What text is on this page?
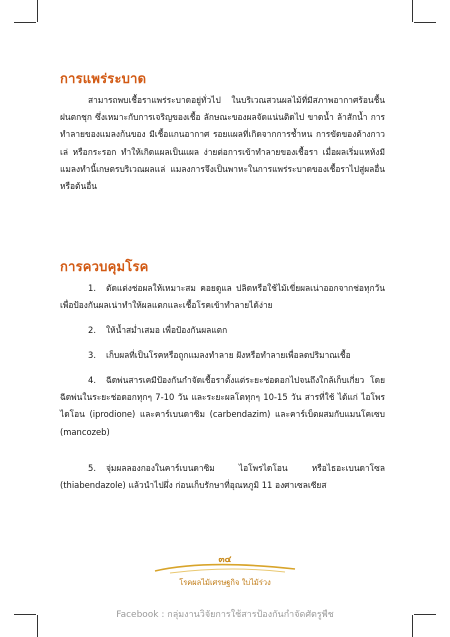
การแพร่ระบาด

สามารถพบเชื้อราแพร่ระบาดอยู่ทั่วไป ในบริเวณสวนผลไม้ที่มีสภาพอากาศร้อนชื้น ฝนตกชุก ซึ่งเหมาะกับการเจริญของเชื้อ ลักษณะของผลจัดแน่นติดไป ขาดน้ำ ล้าสักน้ำ การทำลายของแมลงก้นของ มีเชื้อแกนอากาศ รอยแผลที่เกิดจากการช้ำหน การขัดของต้างกาว เล่ หรือกระรอก ทำให้เกิดแผลเป็นแผล ง่ายต่อการเข้าทำลายของเชื้อรา เมื่อผลเริ่มแหห้งมีแมลงทำนี้เกษตรบริเวณผลแล่ แมลงการจึงเป็นพาหะในการแพร่ระบาดของเชื้อราไปสู่ผลอื่นหรือต้นอื่น

การควบคุมโรค

1. ตัดแต่งช่อผลให้เหมาะสม คอยดูแล ปลิดหรือใช้ไม้เขี่ยผลเน่าออกจากช่อทุกวัน เพื่อป้องกันผลเน่าทำให้ผลแตกและเชื้อโรคเข้าทำลายได้ง่าย

2. ให้น้ำสม่ำเสมอ เพื่อป้องกันผลแตก

3. เก็บผลที่เป็นโรคหรือถูกแมลงทำลาย ฝังหรือทำลายเพื่อลดปริมาณเชื้อ

4. ฉีดพ่นสารเคมีป้องกันกำจัดเชื้อราตั้งแต่ระยะช่อดอกไปจนถึงใกล้เก็บเกี่ยว โดยฉีดพ่นในระยะช่อดอกทุกๆ 7-10 วัน และระยะผลโตทุกๆ 10-15 วัน สารที่ใช้ ได้แก่ ไอโพรไดโอน (iprodione) และคาร์เบนดาซิม (carbendazim) และคาร์เบ็ตผสมกับแมนโคเซบ (mancozeb)

5. จุ่มผลลองกองในคาร์เบนดาซิม ไอโพรไดโอน หรือไธอะเบนดาโซล (thiabendazole) แล้วนำไปผึ่ง ก่อนเก็บรักษาที่อุณหภูมิ 11 องศาเซลเซียส

๓๔
โรคผลไม้เศรษฐกิจ ใบไม้ร่วง
Facebook : กลุ่มงานวิจัยการใช้สารป้องกันกำจัดศัตรูพืช
